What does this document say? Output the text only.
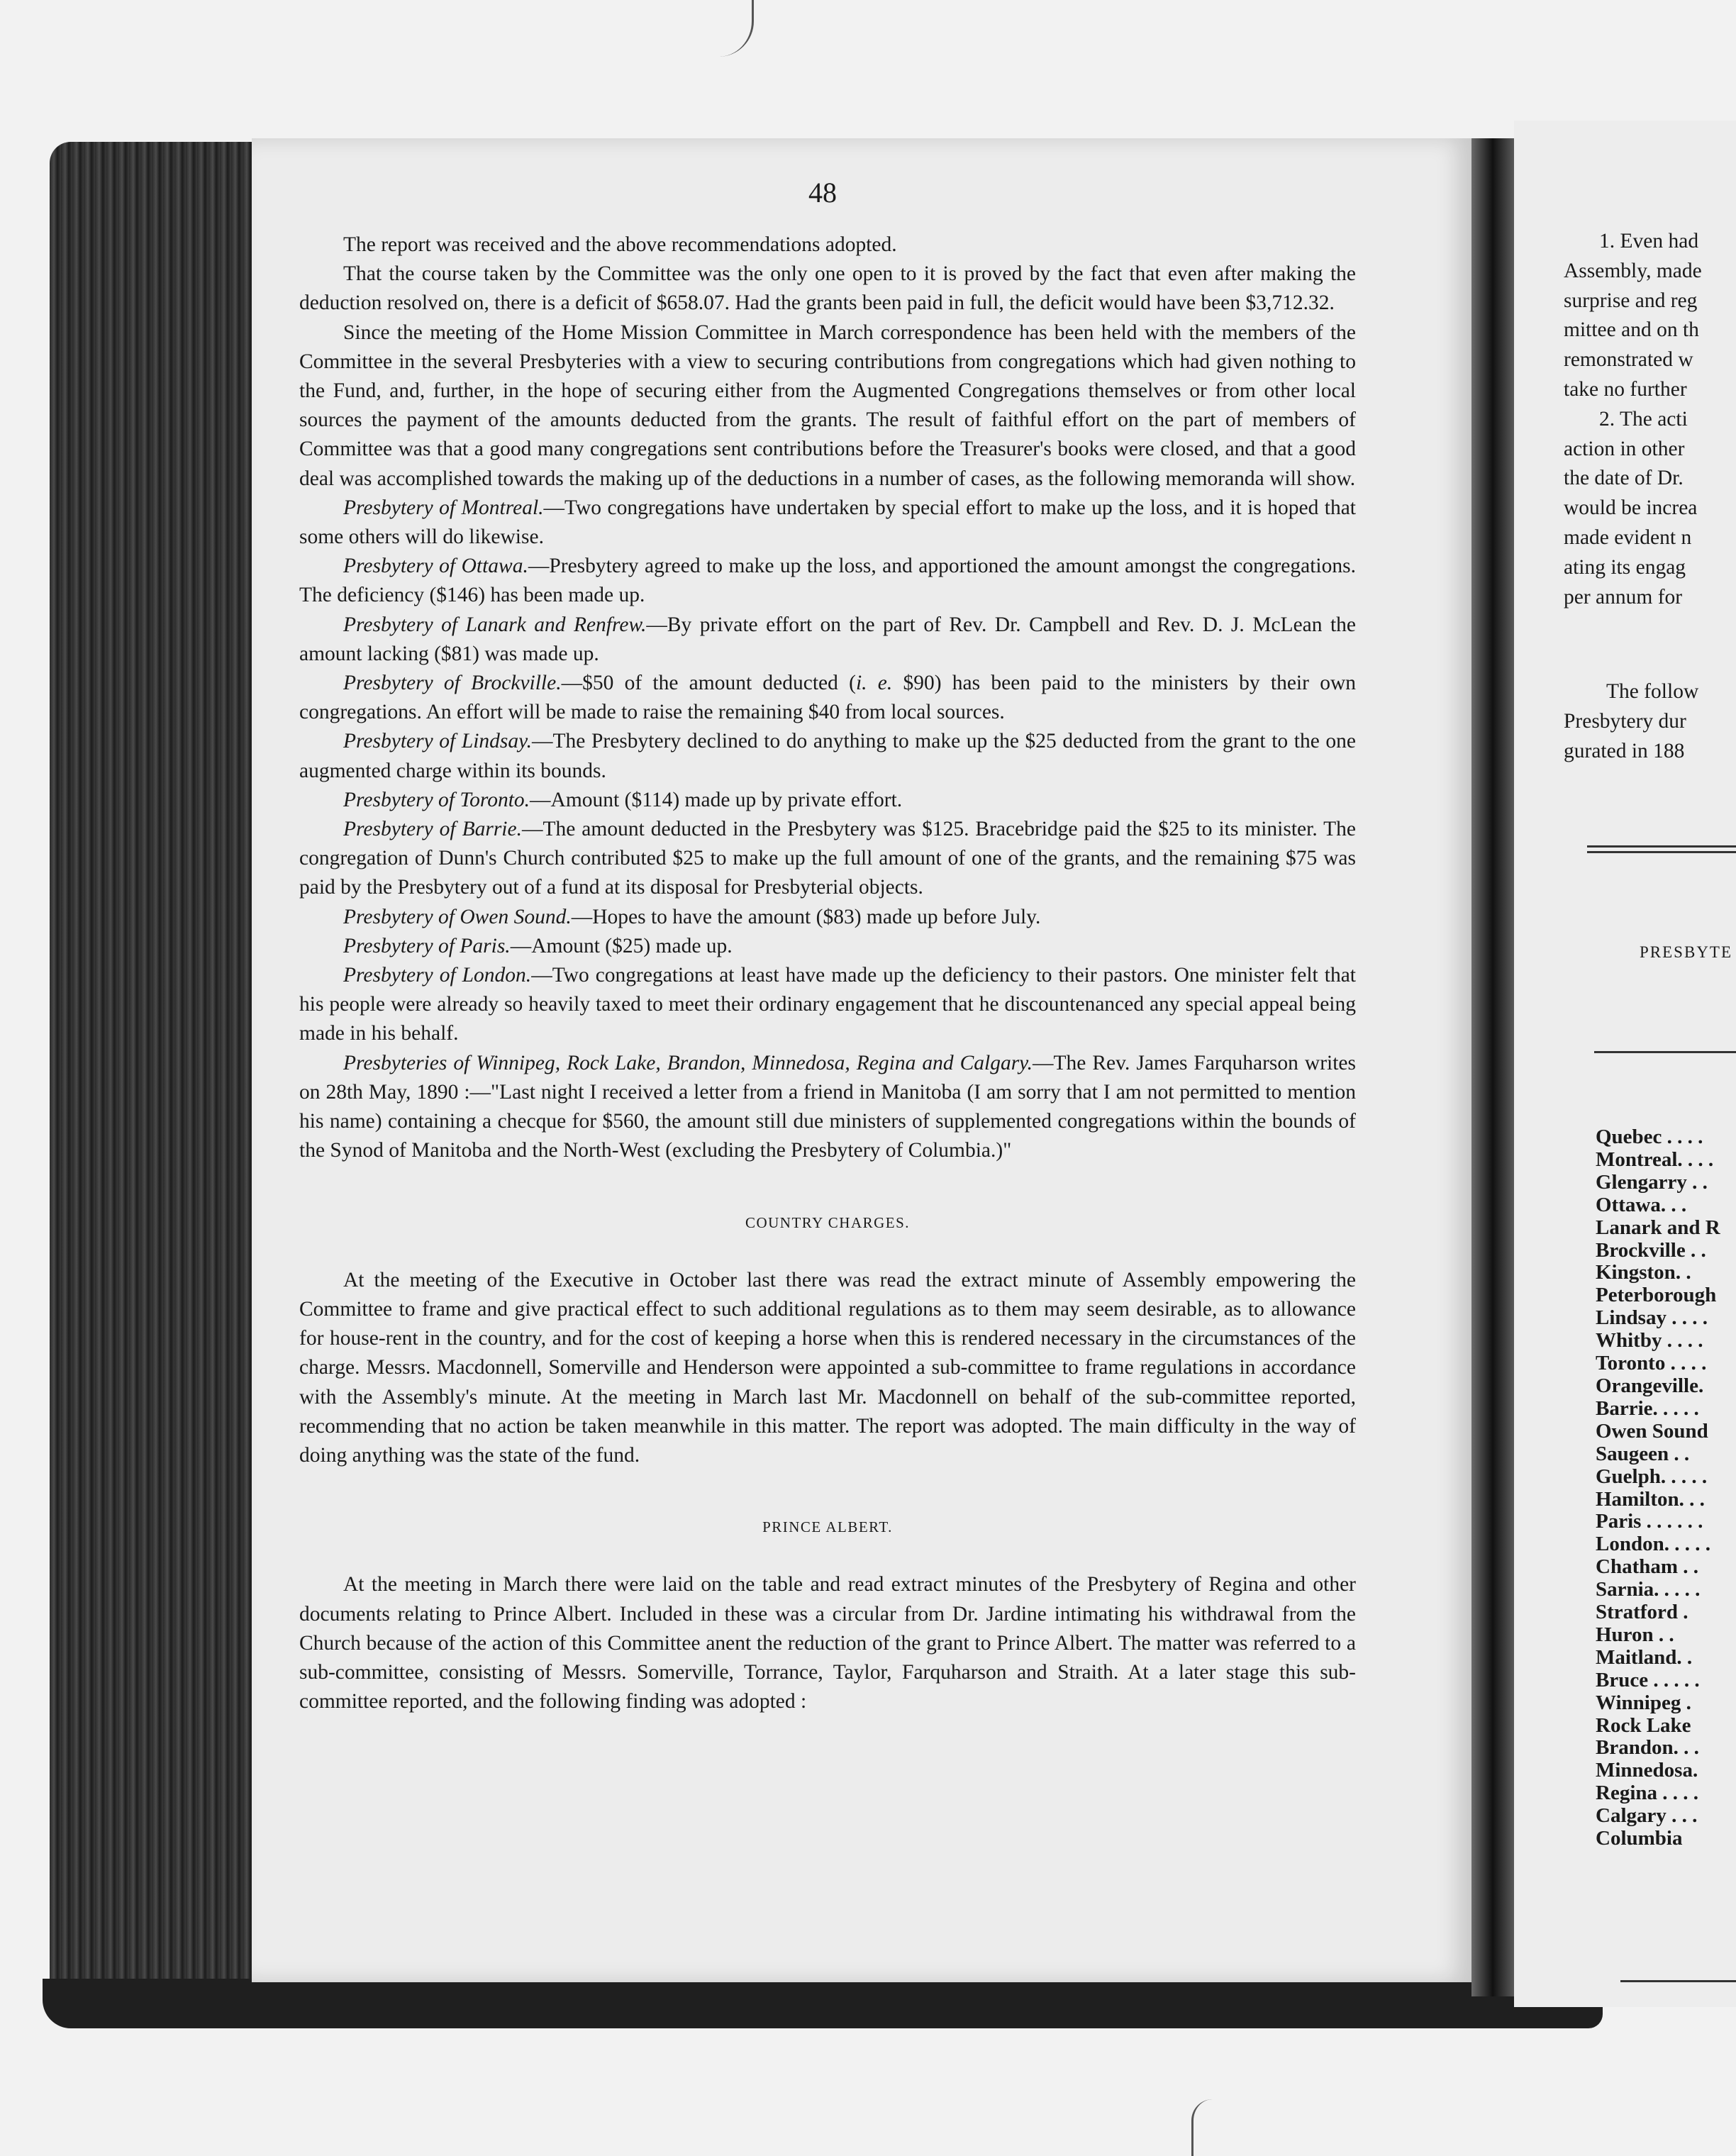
48

The report was received and the above recommendations adopted.

That the course taken by the Committee was the only one open to it is proved by the fact that even after making the deduction resolved on, there is a deficit of $658.07. Had the grants been paid in full, the deficit would have been $3,712.32.

Since the meeting of the Home Mission Committee in March correspondence has been held with the members of the Committee in the several Presbyteries with a view to securing contributions from congregations which had given nothing to the Fund, and, further, in the hope of securing either from the Augmented Congregations themselves or from other local sources the payment of the amounts deducted from the grants. The result of faithful effort on the part of members of Committee was that a good many congregations sent contributions before the Treasurer's books were closed, and that a good deal was accomplished towards the making up of the deductions in a number of cases, as the following memoranda will show.

Presbytery of Montreal.—Two congregations have undertaken by special effort to make up the loss, and it is hoped that some others will do likewise.

Presbytery of Ottawa.—Presbytery agreed to make up the loss, and apportioned the amount amongst the congregations. The deficiency ($146) has been made up.

Presbytery of Lanark and Renfrew.—By private effort on the part of Rev. Dr. Campbell and Rev. D. J. McLean the amount lacking ($81) was made up.

Presbytery of Brockville.—$50 of the amount deducted (i. e. $90) has been paid to the ministers by their own congregations. An effort will be made to raise the remaining $40 from local sources.

Presbytery of Lindsay.—The Presbytery declined to do anything to make up the $25 deducted from the grant to the one augmented charge within its bounds.

Presbytery of Toronto.—Amount ($114) made up by private effort.

Presbytery of Barrie.—The amount deducted in the Presbytery was $125. Bracebridge paid the $25 to its minister. The congregation of Dunn's Church contributed $25 to make up the full amount of one of the grants, and the remaining $75 was paid by the Presbytery out of a fund at its disposal for Presbyterial objects.

Presbytery of Owen Sound.—Hopes to have the amount ($83) made up before July.

Presbytery of Paris.—Amount ($25) made up.

Presbytery of London.—Two congregations at least have made up the deficiency to their pastors. One minister felt that his people were already so heavily taxed to meet their ordinary engagement that he discountenanced any special appeal being made in his behalf.

Presbyteries of Winnipeg, Rock Lake, Brandon, Minnedosa, Regina and Calgary.—The Rev. James Farquharson writes on 28th May, 1890 :—"Last night I received a letter from a friend in Manitoba (I am sorry that I am not permitted to mention his name) containing a checque for $560, the amount still due ministers of supplemented congregations within the bounds of the Synod of Manitoba and the North-West (excluding the Presbytery of Columbia.)"

COUNTRY CHARGES.

At the meeting of the Executive in October last there was read the extract minute of Assembly empowering the Committee to frame and give practical effect to such additional regulations as to them may seem desirable, as to allowance for house-rent in the country, and for the cost of keeping a horse when this is rendered necessary in the circumstances of the charge. Messrs. Macdonnell, Somerville and Henderson were appointed a sub-committee to frame regulations in accordance with the Assembly's minute. At the meeting in March last Mr. Macdonnell on behalf of the sub-committee reported, recommending that no action be taken meanwhile in this matter. The report was adopted. The main difficulty in the way of doing anything was the state of the fund.

PRINCE ALBERT.

At the meeting in March there were laid on the table and read extract minutes of the Presbytery of Regina and other documents relating to Prince Albert. Included in these was a circular from Dr. Jardine intimating his withdrawal from the Church because of the action of this Committee anent the reduction of the grant to Prince Albert. The matter was referred to a sub-committee, consisting of Messrs. Somerville, Torrance, Taylor, Farquharson and Straith. At a later stage this sub-committee reported, and the following finding was adopted :

1. Even had
Assembly, made
surprise and reg
mittee and on th
remonstrated w
take no further
2. The acti
action in other
the date of Dr.
would be increa
made evident n
ating its engag
per annum for
The follow
Presbytery dur
gurated in 188
PRESBYTE
Quebec . . . .
Montreal. . . .
Glengarry . .
Ottawa. . .
Lanark and R
Brockville . .
Kingston. .
Peterborough
Lindsay . . . .
Whitby . . . .
Toronto . . . .
Orangeville.
Barrie. . . . .
Owen Sound
Saugeen . .
Guelph. . . . .
Hamilton. . .
Paris . . . . . .
London. . . . .
Chatham . .
Sarnia. . . . .
Stratford .
Huron . .
Maitland. .
Bruce . . . . .
Winnipeg .
Rock Lake
Brandon. . .
Minnedosa.
Regina . . . .
Calgary . . .
Columbia
